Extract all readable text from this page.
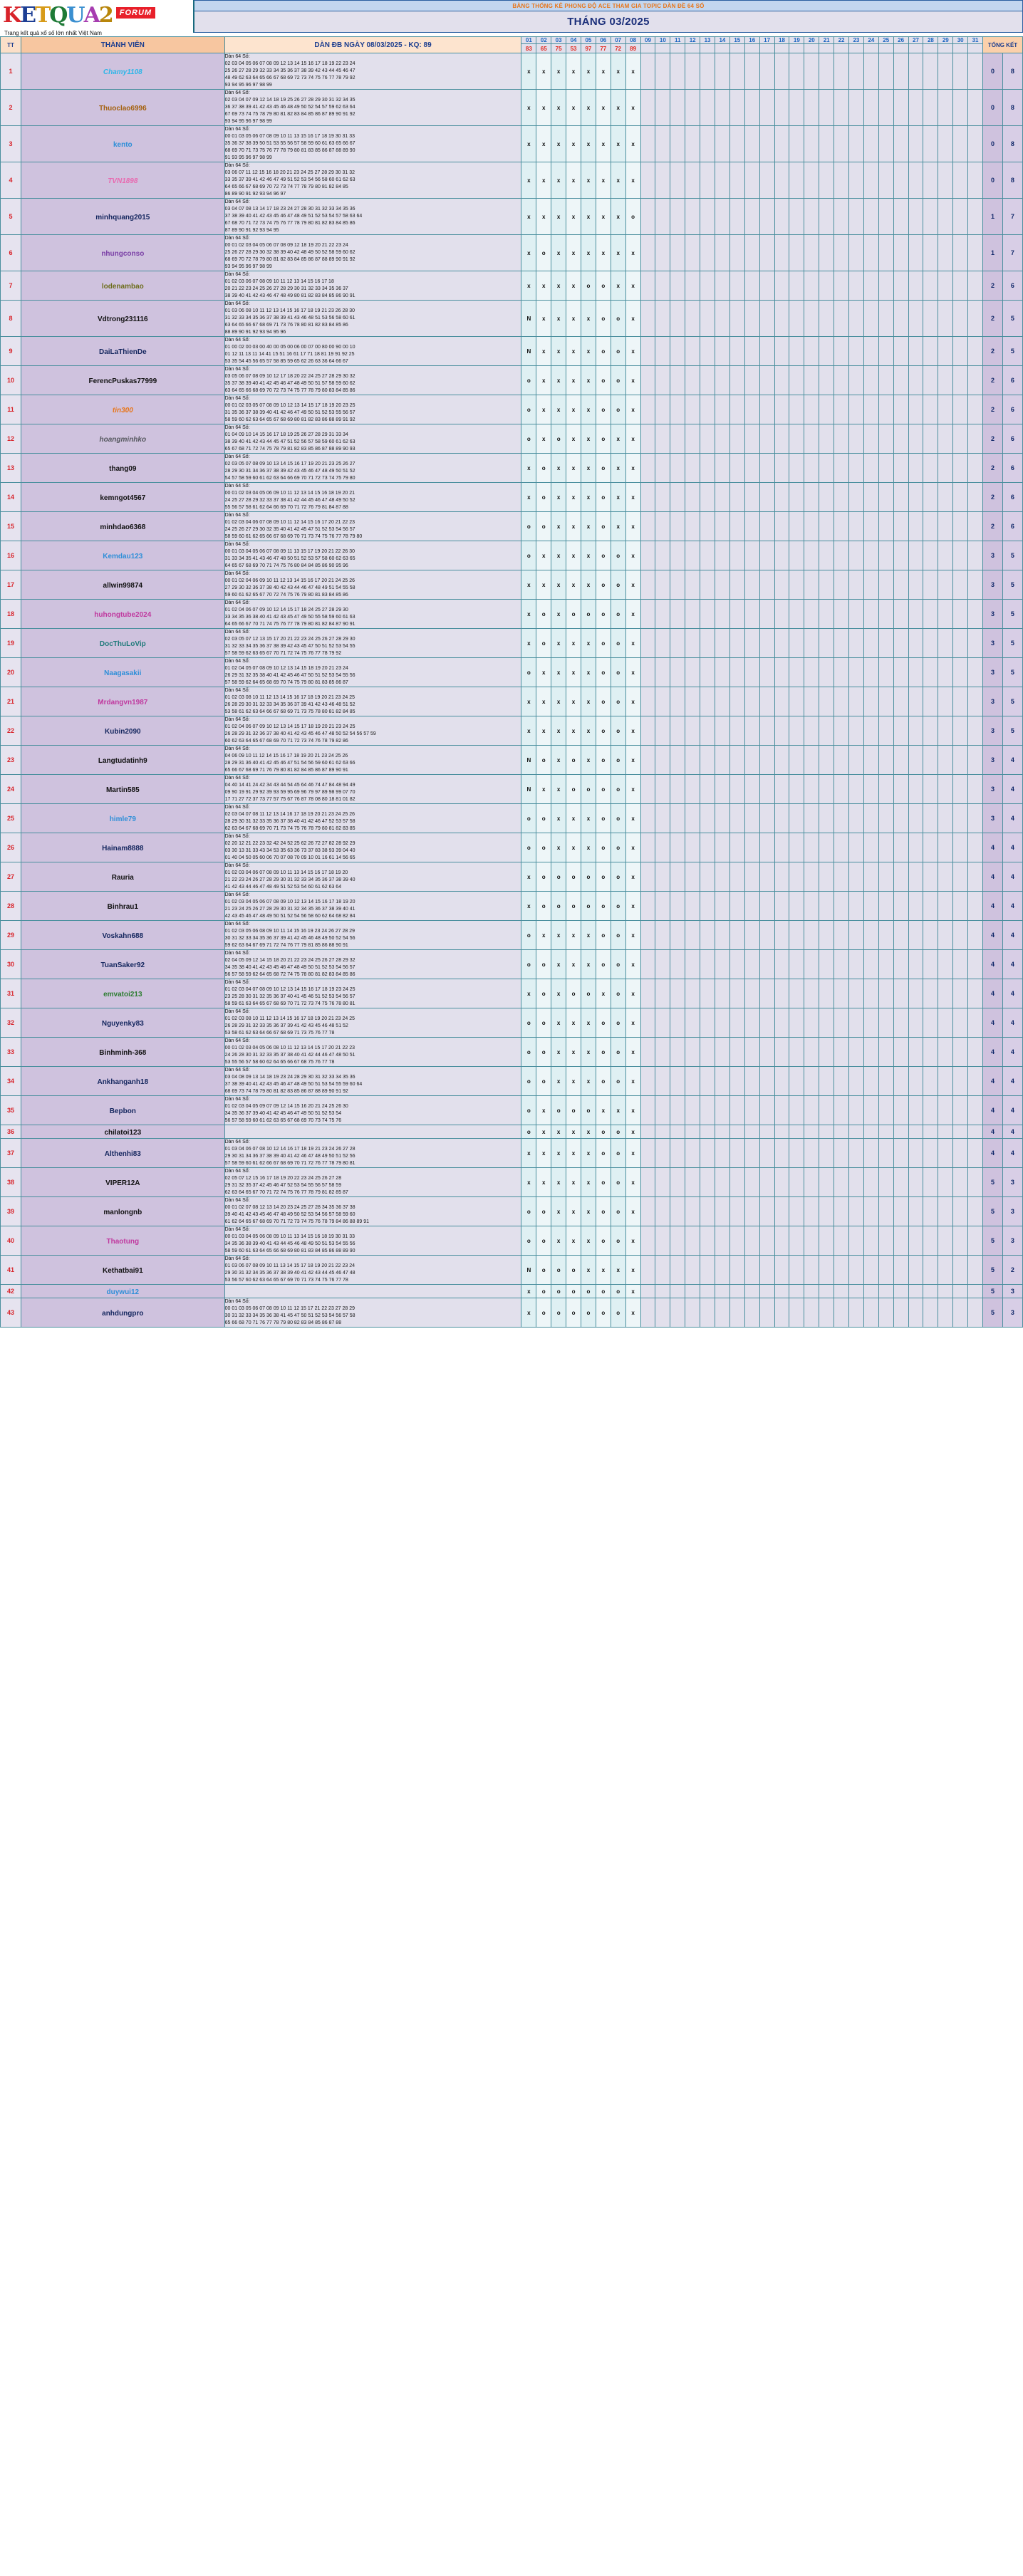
KETQUA2 FORUM
Trang kết quả xổ số lớn nhất Việt Nam
BẢNG THỐNG KÊ PHONG ĐỘ ACE THAM GIA TOPIC DÀN ĐỀ 64 SỐ
THÁNG 03/2025
TT	THÀNH VIÊN	DÀN ĐB NGÀY 08/03/2025 - KQ: 89	01	02	03	04	05	06	07	08	09	10	11	12	13	14	15	16	17	18	19	20	21	22	23	24	25	26	27	28	29	30	31	TỔNG KẾT	
			83	65	75	53	97	77	72	89																									
1	Chamy1108	Dàn 64 Số:
02 03 04 05 06 07 08 09 12 13 14 15 16 17 18 19 22 23 24
25 26 27 28 29 32 33 34 35 36 37 38 39 42 43 44 45 46 47
48 49 62 63 64 65 66 67 68 69 72 73 74 75 76 77 78 79 92
93 94 95 96 97 98 99	x	x	x	x	x	x	x	x																								0	8
2	Thuoclao6996	Dàn 64 Số:
02 03 04 07 09 12 14 18 19 25 26 27 28 29 30 31 32 34 35
36 37 38 39 41 42 43 45 46 48 49 50 52 54 57 59 62 63 64
67 69 73 74 75 78 79 80 81 82 83 84 85 86 87 89 90 91 92
93 94 95 96 97 98 99	x	x	x	x	x	x	x	x																								0	8
3	kento	Dàn 64 Số:
00 01 03 05 06 07 08 09 10 11 13 15 16 17 18 19 30 31 33
35 36 37 38 39 50 51 53 55 56 57 58 59 60 61 63 65 66 67
68 69 70 71 73 75 76 77 78 79 80 81 83 85 86 87 88 89 90
91 93 95 96 97 98 99	x	x	x	x	x	x	x	x																								0	8
4	TVN1898	Dàn 64 Số:
03 06 07 11 12 15 16 18 20 21 23 24 25 27 28 29 30 31 32
33 35 37 39 41 42 46 47 49 51 52 53 54 56 58 60 61 62 63
64 65 66 67 68 69 70 72 73 74 77 78 79 80 81 82 84 85
86 89 90 91 92 93 94 96 97	x	x	x	x	x	x	x	x																								0	8
5	minhquang2015	Dàn 64 Số:
03 04 07 08 13 14 17 18 23 24 27 28 30 31 32 33 34 35 36
37 38 39 40 41 42 43 45 46 47 48 49 51 52 53 54 57 58 63 64
67 68 70 71 72 73 74 75 76 77 78 79 80 81 82 83 84 85 86
87 89 90 91 92 93 94 95	x	x	x	x	x	x	x	o																								1	7
6	nhungconso	Dàn 64 Số:
00 01 02 03 04 05 06 07 08 09 12 18 19 20 21 22 23 24
25 26 27 28 29 30 32 38 39 40 42 48 49 50 52 58 59 60 62
68 69 70 72 78 79 80 81 82 83 84 85 86 87 88 89 90 91 92
93 94 95 96 97 98 99	x	o	x	x	x	x	x	x																								1	7
7	lodenambao	Dàn 64 Số:
01 02 03 06 07 08 09 10 11 12 13 14 15 16 17 18
20 21 22 23 24 25 26 27 28 29 30 31 32 33 34 35 36 37
38 39 40 41 42 43 46 47 48 49 80 81 82 83 84 85 86 90 91	x	x	x	x	o	o	x	x																								2	6
8	Vdtrong231116	Dàn 64 Số:
01 03 06 08 10 11 12 13 14 15 16 17 18 19 21 23 26 28 30
31 32 33 34 35 36 37 38 39 41 43 46 48 51 53 56 58 60 61
63 64 65 66 67 68 69 71 73 76 78 80 81 82 83 84 85 86
88 89 90 91 92 93 94 95 96	N	x	x	x	x	o	o	x																								2	5
9	DaiLaThienDe	Dàn 64 Số:
01 00 02 00 03 00 40 00 05 00 06 00 07 00 80 00 90 00 10
01 12 11 13 11 14 41 15 51 16 61 17 71 18 81 19 91 92 25
53 35 54 45 56 65 57 58 85 59 65 62 26 63 36 64 66 67	N	x	x	x	x	o	o	x																								2	5
10	FerencPuskas77999	Dàn 64 Số:
03 05 06 07 08 09 10 12 17 18 20 22 24 25 27 28 29 30 32
35 37 38 39 40 41 42 45 46 47 48 49 50 51 57 58 59 60 62
63 64 65 66 68 69 70 72 73 74 75 77 78 79 80 83 84 85 86	o	x	x	x	x	o	o	x																								2	6
11	tin300	Dàn 64 Số:
00 01 02 03 05 07 08 09 10 12 13 14 15 17 18 19 20 23 25
31 35 36 37 38 39 40 41 42 46 47 49 50 51 52 53 55 56 57
58 59 60 62 63 64 65 67 68 69 80 81 82 83 86 88 89 91 92	o	x	x	x	x	o	o	x																								2	6
12	hoangminhko	Dàn 64 Số:
01 04 09 10 14 15 16 17 18 19 25 26 27 28 29 31 33 34
38 39 40 41 42 43 44 45 47 51 52 56 57 58 59 60 61 62 63
65 67 68 71 72 74 75 78 79 81 82 83 85 86 87 88 89 90 93	o	x	o	x	x	o	x	x																								2	6
13	thang09	Dàn 64 Số:
02 03 05 07 08 09 10 13 14 15 16 17 19 20 21 23 25 26 27
28 29 30 31 34 36 37 38 39 42 43 45 46 47 48 49 50 51 52
54 57 58 59 60 61 62 63 64 66 69 70 71 72 73 74 75 79 80	x	o	x	x	x	o	x	x																								2	6
14	kemngot4567	Dàn 64 Số:
00 01 02 03 04 05 06 09 10 11 12 13 14 15 16 18 19 20 21
24 25 27 28 29 32 33 37 38 41 42 44 45 46 47 48 49 50 52
55 56 57 58 61 62 64 66 69 70 71 72 76 79 81 84 87 88	x	o	x	x	x	o	x	x																								2	6
15	minhdao6368	Dàn 64 Số:
01 02 03 04 06 07 08 09 10 11 12 14 15 16 17 20 21 22 23
24 25 26 27 29 30 32 35 40 41 42 45 47 51 52 53 54 56 57
58 59 60 61 62 65 66 67 68 69 70 71 73 74 75 76 77 78 79 80	o	o	x	x	x	o	x	x																								2	6
16	Kemdau123	Dàn 64 Số:
00 01 03 04 05 06 07 08 09 11 13 15 17 19 20 21 22 26 30
31 33 34 35 41 43 46 47 48 50 51 52 53 57 58 60 62 63 65
64 65 67 68 69 70 71 74 75 76 80 84 84 85 86 90 95 96	o	x	x	x	x	o	o	x																								3	5
17	allwin99874	Dàn 64 Số:
00 01 02 04 06 09 10 11 12 13 14 15 16 17 20 21 24 25 26
27 29 30 32 36 37 38 40 42 43 44 46 47 48 49 51 54 55 58
59 60 61 62 65 67 70 72 74 75 76 79 80 81 83 84 85 86	x	x	x	x	x	o	o	x																								3	5
18	huhongtube2024	Dàn 64 Số:
01 02 04 06 07 09 10 12 14 15 17 18 24 25 27 28 29 30
33 34 35 36 38 40 41 42 43 45 47 49 50 55 58 59 60 61 63
64 65 66 67 70 71 74 75 76 77 78 79 80 81 82 84 87 90 91	x	o	x	o	o	o	o	x																								3	5
19	DocThuLoVip	Dàn 64 Số:
02 03 05 07 12 13 15 17 20 21 22 23 24 25 26 27 28 29 30
31 32 33 34 35 36 37 38 39 42 43 45 47 50 51 52 53 54 55
57 58 59 62 63 65 67 70 71 72 74 75 76 77 78 79 92	x	o	x	x	x	o	o	x																								3	5
20	Naagasakii	Dàn 64 Số:
01 02 04 05 07 08 09 10 12 13 14 15 18 19 20 21 23 24
26 29 31 32 35 38 40 41 42 45 46 47 50 51 52 53 54 55 56
57 58 59 62 64 65 68 69 70 74 75 79 80 81 83 85 86 87	o	x	x	x	x	o	o	x																								3	5
21	Mrdangvn1987	Dàn 64 Số:
01 02 03 08 10 11 12 13 14 15 16 17 18 19 20 21 23 24 25
26 28 29 30 31 32 33 34 35 36 37 39 41 42 43 46 48 51 52
53 58 61 62 63 64 66 67 68 69 71 73 75 78 80 81 82 84 85	x	x	x	x	x	o	o	x																								3	5
22	Kubin2090	Dàn 64 Số:
01 02 04 06 07 09 10 12 13 14 15 17 18 19 20 21 23 24 25
26 28 29 31 32 36 37 38 40 41 42 43 45 46 47 48 50 52 54 56 57 59
60 62 63 64 65 67 68 69 70 71 72 73 74 76 78 79 82 86	x	x	x	x	x	o	o	x																								3	5
23	Langtudatinh9	Dàn 64 Số:
04 06 09 10 11 12 14 15 16 17 18 19 20 21 23 24 25 26
28 29 31 36 40 41 42 45 46 47 51 54 56 59 60 61 62 63 66
65 66 67 68 69 71 76 79 80 81 82 84 85 86 87 89 90 91	N	o	x	o	x	o	o	x																								3	4
24	Martin585	Dàn 64 Số:
04 40 14 41 24 42 34 43 44 54 45 64 46 74 47 84 48 94 49
09 90 19 91 29 92 39 93 59 95 69 96 79 97 89 98 99 07 70
17 71 27 72 37 73 77 57 75 67 76 87 78 08 80 18 81 01 82	N	x	x	o	o	o	o	x																								3	4
25	himle79	Dàn 64 Số:
02 03 04 07 08 11 12 13 14 16 17 18 19 20 21 23 24 25 26
28 29 30 31 32 33 35 36 37 38 40 41 42 46 47 52 53 57 58
62 63 64 67 68 69 70 71 73 74 75 76 78 79 80 81 82 83 85	o	o	x	x	x	o	o	x																								3	4
26	Hainam8888	Dàn 64 Số:
02 20 12 21 22 23 32 42 24 52 25 62 26 72 27 82 28 92 29
03 30 13 31 33 43 34 53 35 63 36 73 37 83 38 93 39 04 40
01 40 04 50 05 60 06 70 07 08 70 09 10 01 16 61 14 56 65	o	o	x	x	x	o	o	x																								4	4
27	Rauria	Dàn 64 Số:
01 02 03 04 06 07 08 09 10 11 13 14 15 16 17 18 19 20
21 22 23 24 26 27 28 29 30 31 32 33 34 35 36 37 38 39 40
41 42 43 44 46 47 48 49 51 52 53 54 60 61 62 63 64	x	o	o	o	o	o	o	x																								4	4
28	Binhrau1	Dàn 64 Số:
01 02 03 04 05 06 07 08 09 10 12 13 14 15 16 17 18 19 20
21 23 24 25 26 27 28 29 30 31 32 34 35 36 37 38 39 40 41
42 43 45 46 47 48 49 50 51 52 54 56 58 60 62 64 68 82 84	x	o	o	o	o	o	o	x																								4	4
29	Voskahn688	Dàn 64 Số:
01 02 03 05 06 08 09 10 11 14 15 16 19 23 24 26 27 28 29
30 31 32 33 34 35 36 37 39 41 42 45 46 48 49 50 52 54 56
59 62 63 64 67 69 71 72 74 76 77 79 81 85 86 88 90 91	o	x	x	x	x	o	o	x																								4	4
30	TuanSaker92	Dàn 64 Số:
02 04 05 09 12 14 15 18 20 21 22 23 24 25 26 27 28 29 32
34 35 38 40 41 42 43 45 46 47 48 49 50 51 52 53 54 56 57
56 57 58 59 62 64 65 68 72 74 75 78 80 81 82 83 84 85 86	o	o	x	x	x	o	o	x																								4	4
31	emvatoi213	Dàn 64 Số:
01 02 03 04 07 08 09 10 12 13 14 15 16 17 18 19 23 24 25
23 25 28 30 31 32 35 36 37 40 41 45 46 51 52 53 54 56 57
58 59 61 63 64 65 67 68 69 70 71 72 73 74 75 76 78 80 81	x	o	x	o	o	x	o	x																								4	4
32	Nguyenky83	Dàn 64 Số:
01 02 03 08 10 11 12 13 14 15 16 17 18 19 20 21 23 24 25
26 28 29 31 32 33 35 36 37 39 41 42 43 45 46 48 51 52
53 58 61 62 63 64 66 67 68 69 71 73 75 76 77 78	o	o	x	x	x	o	o	x																								4	4
33	Binhminh-368	Dàn 64 Số:
00 01 02 03 04 05 06 08 10 11 12 13 14 15 17 20 21 22 23
24 26 28 30 31 32 33 35 37 38 40 41 42 44 46 47 48 50 51
53 55 56 57 58 60 62 64 65 66 67 68 75 76 77 78	o	o	x	x	x	o	o	x																								4	4
34	Ankhanganh18	Dàn 64 Số:
03 04 08 09 13 14 18 19 23 24 28 29 30 31 32 33 34 35 36
37 38 39 40 41 42 43 45 46 47 48 49 50 51 53 54 55 59 60 64
68 69 73 74 78 79 80 81 82 83 85 86 87 88 89 90 91 92	o	o	x	x	x	o	o	x																								4	4
35	Bepbon	Dàn 64 Số:
01 02 03 04 05 09 07 09 12 14 15 16 20 21 24 25 26 30
34 35 36 37 39 40 41 42 45 46 47 49 50 51 52 53 54
56 57 58 59 60 61 62 63 65 67 68 69 70 73 74 75 76	o	x	o	o	o	x	x	x																								4	4
36	chilatoi123		o	x	x	x	x	o	o	x																								4	4
37	Althenhi83	Dàn 64 Số:
01 03 04 06 07 08 10 12 14 16 17 18 19 21 23 24 26 27 28
29 30 31 34 36 37 38 39 40 41 42 46 47 48 49 50 51 52 56
57 58 59 60 61 62 66 67 68 69 70 71 72 76 77 78 79 80 81	x	x	x	x	x	o	o	x																								4	4
38	VIPER12A	Dàn 64 Số:
02 05 07 12 15 16 17 18 19 20 22 23 24 25 26 27 28
29 31 32 35 37 42 45 46 47 52 53 54 55 56 57 58 59
62 63 64 65 67 70 71 72 74 75 76 77 78 79 81 82 85 87	x	x	x	x	x	o	o	x																								5	3
39	manlongnb	Dàn 64 Số:
00 01 02 07 08 12 13 14 20 23 24 25 27 28 34 35 36 37 38
39 40 41 42 43 45 46 47 48 49 50 52 53 54 56 57 58 59 60
61 62 64 65 67 68 69 70 71 72 73 74 75 76 78 79 84 86 88 89 91	o	o	x	x	x	o	o	x																								5	3
40	Thaotung	Dàn 64 Số:
00 01 03 04 05 06 08 09 10 11 13 14 15 16 18 19 30 31 33
34 35 36 38 39 40 41 43 44 45 46 48 49 50 51 53 54 55 56
58 59 60 61 63 64 65 66 68 69 80 81 83 84 85 86 88 89 90	o	o	x	x	x	o	o	x																								5	3
41	Kethatbai91	Dàn 64 Số:
01 03 06 07 08 09 10 11 13 14 15 17 18 19 20 21 22 23 24
29 30 31 32 34 35 36 37 38 39 40 41 42 43 44 45 46 47 48
53 56 57 60 62 63 64 65 67 69 70 71 73 74 75 76 77 78	N	o	o	o	x	x	x	x																								5	2
42	duywui12		x	o	o	o	o	o	o	x																								5	3
43	anhdungpro	Dàn 64 Số:
00 01 03 05 06 07 08 09 10 11 12 15 17 21 22 23 27 28 29
30 31 32 33 34 35 36 38 41 45 47 50 51 52 53 54 56 57 58
65 66 68 70 71 76 77 78 79 80 82 83 84 85 86 87 88	x	o	o	o	o	o	o	x																								5	3
